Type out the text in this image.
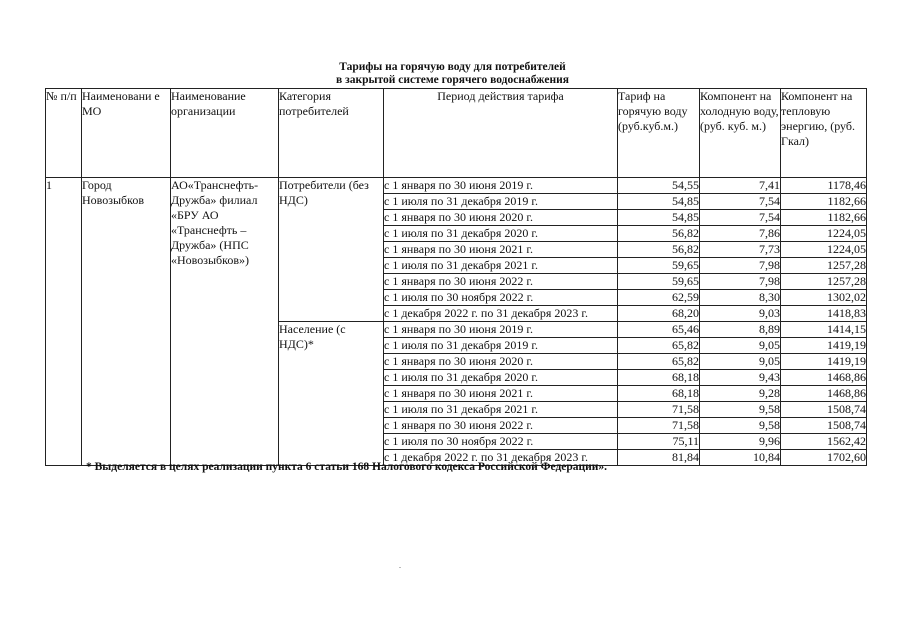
Тарифы на горячую воду для потребителей
в закрытой системе горячего водоснабжения
№ п/п	Наименовани е МО	Наименование организации	Категория потребителей	Период действия тарифа	Тариф на горячую воду (руб.куб.м.)	Компонент на холодную воду, (руб. куб. м.)	Компонент на тепловую энергию, (руб. Гкал)
1	Город Новозыбков	АО«Транснефть-Дружба» филиал «БРУ АО «Транснефть – Дружба» (НПС «Новозыбков»)	Потребители (без НДС)	с 1 января по 30 июня 2019 г.	54,55	7,41	1178,46
				с 1 июля по 31 декабря 2019 г.	54,85	7,54	1182,66
				с 1 января по 30 июня 2020 г.	54,85	7,54	1182,66
				с 1 июля по 31 декабря 2020 г.	56,82	7,86	1224,05
				с 1 января по 30 июня 2021 г.	56,82	7,73	1224,05
				с 1 июля по 31 декабря 2021 г.	59,65	7,98	1257,28
				с 1 января по 30 июня 2022 г.	59,65	7,98	1257,28
				с 1 июля по 30 ноября 2022 г.	62,59	8,30	1302,02
				с 1 декабря 2022 г. по 31 декабря 2023 г.	68,20	9,03	1418,83
			Население (с НДС)*	с 1 января по 30 июня 2019 г.	65,46	8,89	1414,15
				с 1 июля по 31 декабря 2019 г.	65,82	9,05	1419,19
				с 1 января по 30 июня 2020 г.	65,82	9,05	1419,19
				с 1 июля по 31 декабря 2020 г.	68,18	9,43	1468,86
				с 1 января по 30 июня 2021 г.	68,18	9,28	1468,86
				с 1 июля по 31 декабря 2021 г.	71,58	9,58	1508,74
				с 1 января по 30 июня 2022 г.	71,58	9,58	1508,74
				с 1 июля по 30 ноября 2022 г.	75,11	9,96	1562,42
				с 1 декабря 2022 г. по 31 декабря 2023 г.	81,84	10,84	1702,60
* Выделяется в целях реализации пункта 6 статьи 168 Налогового кодекса Российской Федерации».
